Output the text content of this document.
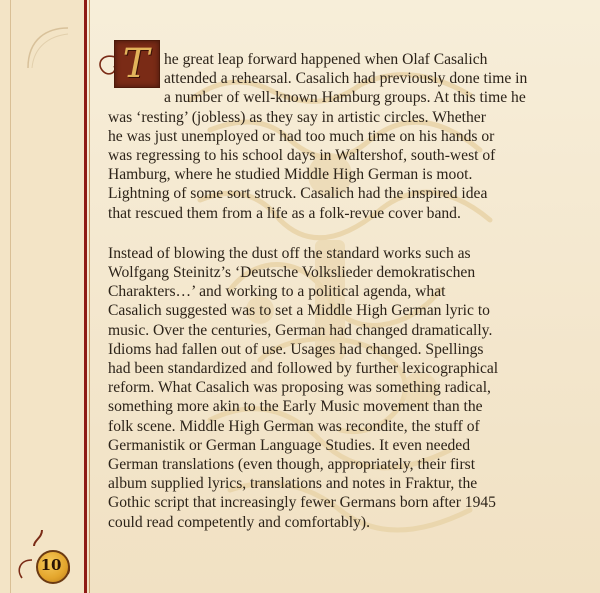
T he great leap forward happened when Olaf Casalich
attended a rehearsal. Casalich had previously done time in
a number of well-known Hamburg groups. At this time he
was ‘resting’ (jobless) as they say in artistic circles. Whether
he was just unemployed or had too much time on his hands or
was regressing to his school days in Waltershof, south-west of
Hamburg, where he studied Middle High German is moot.
Lightning of some sort struck. Casalich had the inspired idea
that rescued them from a life as a folk-revue cover band.

Instead of blowing the dust off the standard works such as
Wolfgang Steinitz’s ‘Deutsche Volkslieder demokratischen
Charakters…’ and working to a political agenda, what
Casalich suggested was to set a Middle High German lyric to
music. Over the centuries, German had changed dramatically.
Idioms had fallen out of use. Usages had changed. Spellings
had been standardized and followed by further lexicographical
reform. What Casalich was proposing was something radical,
something more akin to the Early Music movement than the
folk scene. Middle High German was recondite, the stuff of
Germanistik or German Language Studies. It even needed
German translations (even though, appropriately, their first
album supplied lyrics, translations and notes in Fraktur, the
Gothic script that increasingly fewer Germans born after 1945
could read competently and comfortably).

10
